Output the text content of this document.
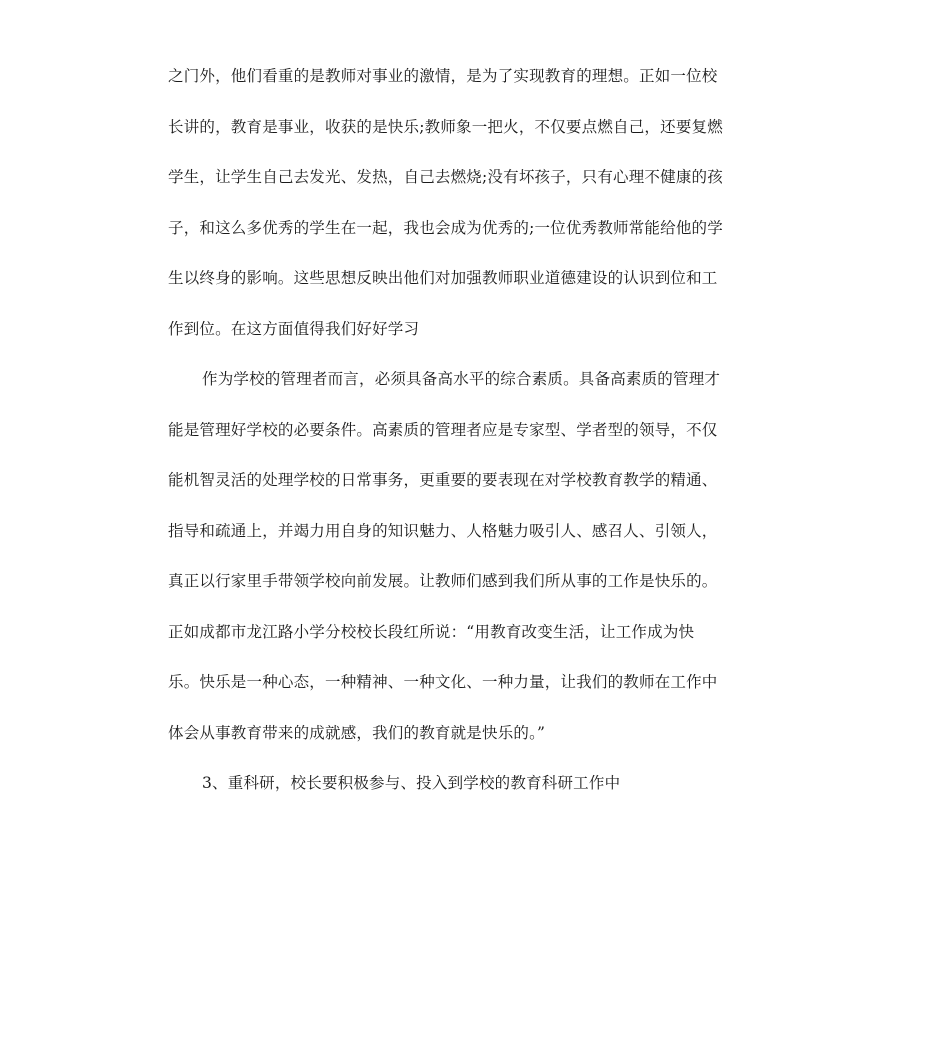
之门外，他们看重的是教师对事业的激情，是为了实现教育的理想。正如一位校
长讲的，教育是事业，收获的是快乐;教师象一把火，不仅要点燃自己，还要复燃
学生，让学生自己去发光、发热，自己去燃烧;没有坏孩子，只有心理不健康的孩
子，和这么多优秀的学生在一起，我也会成为优秀的;一位优秀教师常能给他的学
生以终身的影响。这些思想反映出他们对加强教师职业道德建设的认识到位和工
作到位。在这方面值得我们好好学习
作为学校的管理者而言，必须具备高水平的综合素质。具备高素质的管理才
能是管理好学校的必要条件。高素质的管理者应是专家型、学者型的领导，不仅
能机智灵活的处理学校的日常事务，更重要的要表现在对学校教育教学的精通、
指导和疏通上，并竭力用自身的知识魅力、人格魅力吸引人、感召人、引领人，
真正以行家里手带领学校向前发展。让教师们感到我们所从事的工作是快乐的。
正如成都市龙江路小学分校校长段红所说：“用教育改变生活，让工作成为快
乐。快乐是一种心态，一种精神、一种文化、一种力量，让我们的教师在工作中
体会从事教育带来的成就感，我们的教育就是快乐的。”
3、重科研，校长要积极参与、投入到学校的教育科研工作中
